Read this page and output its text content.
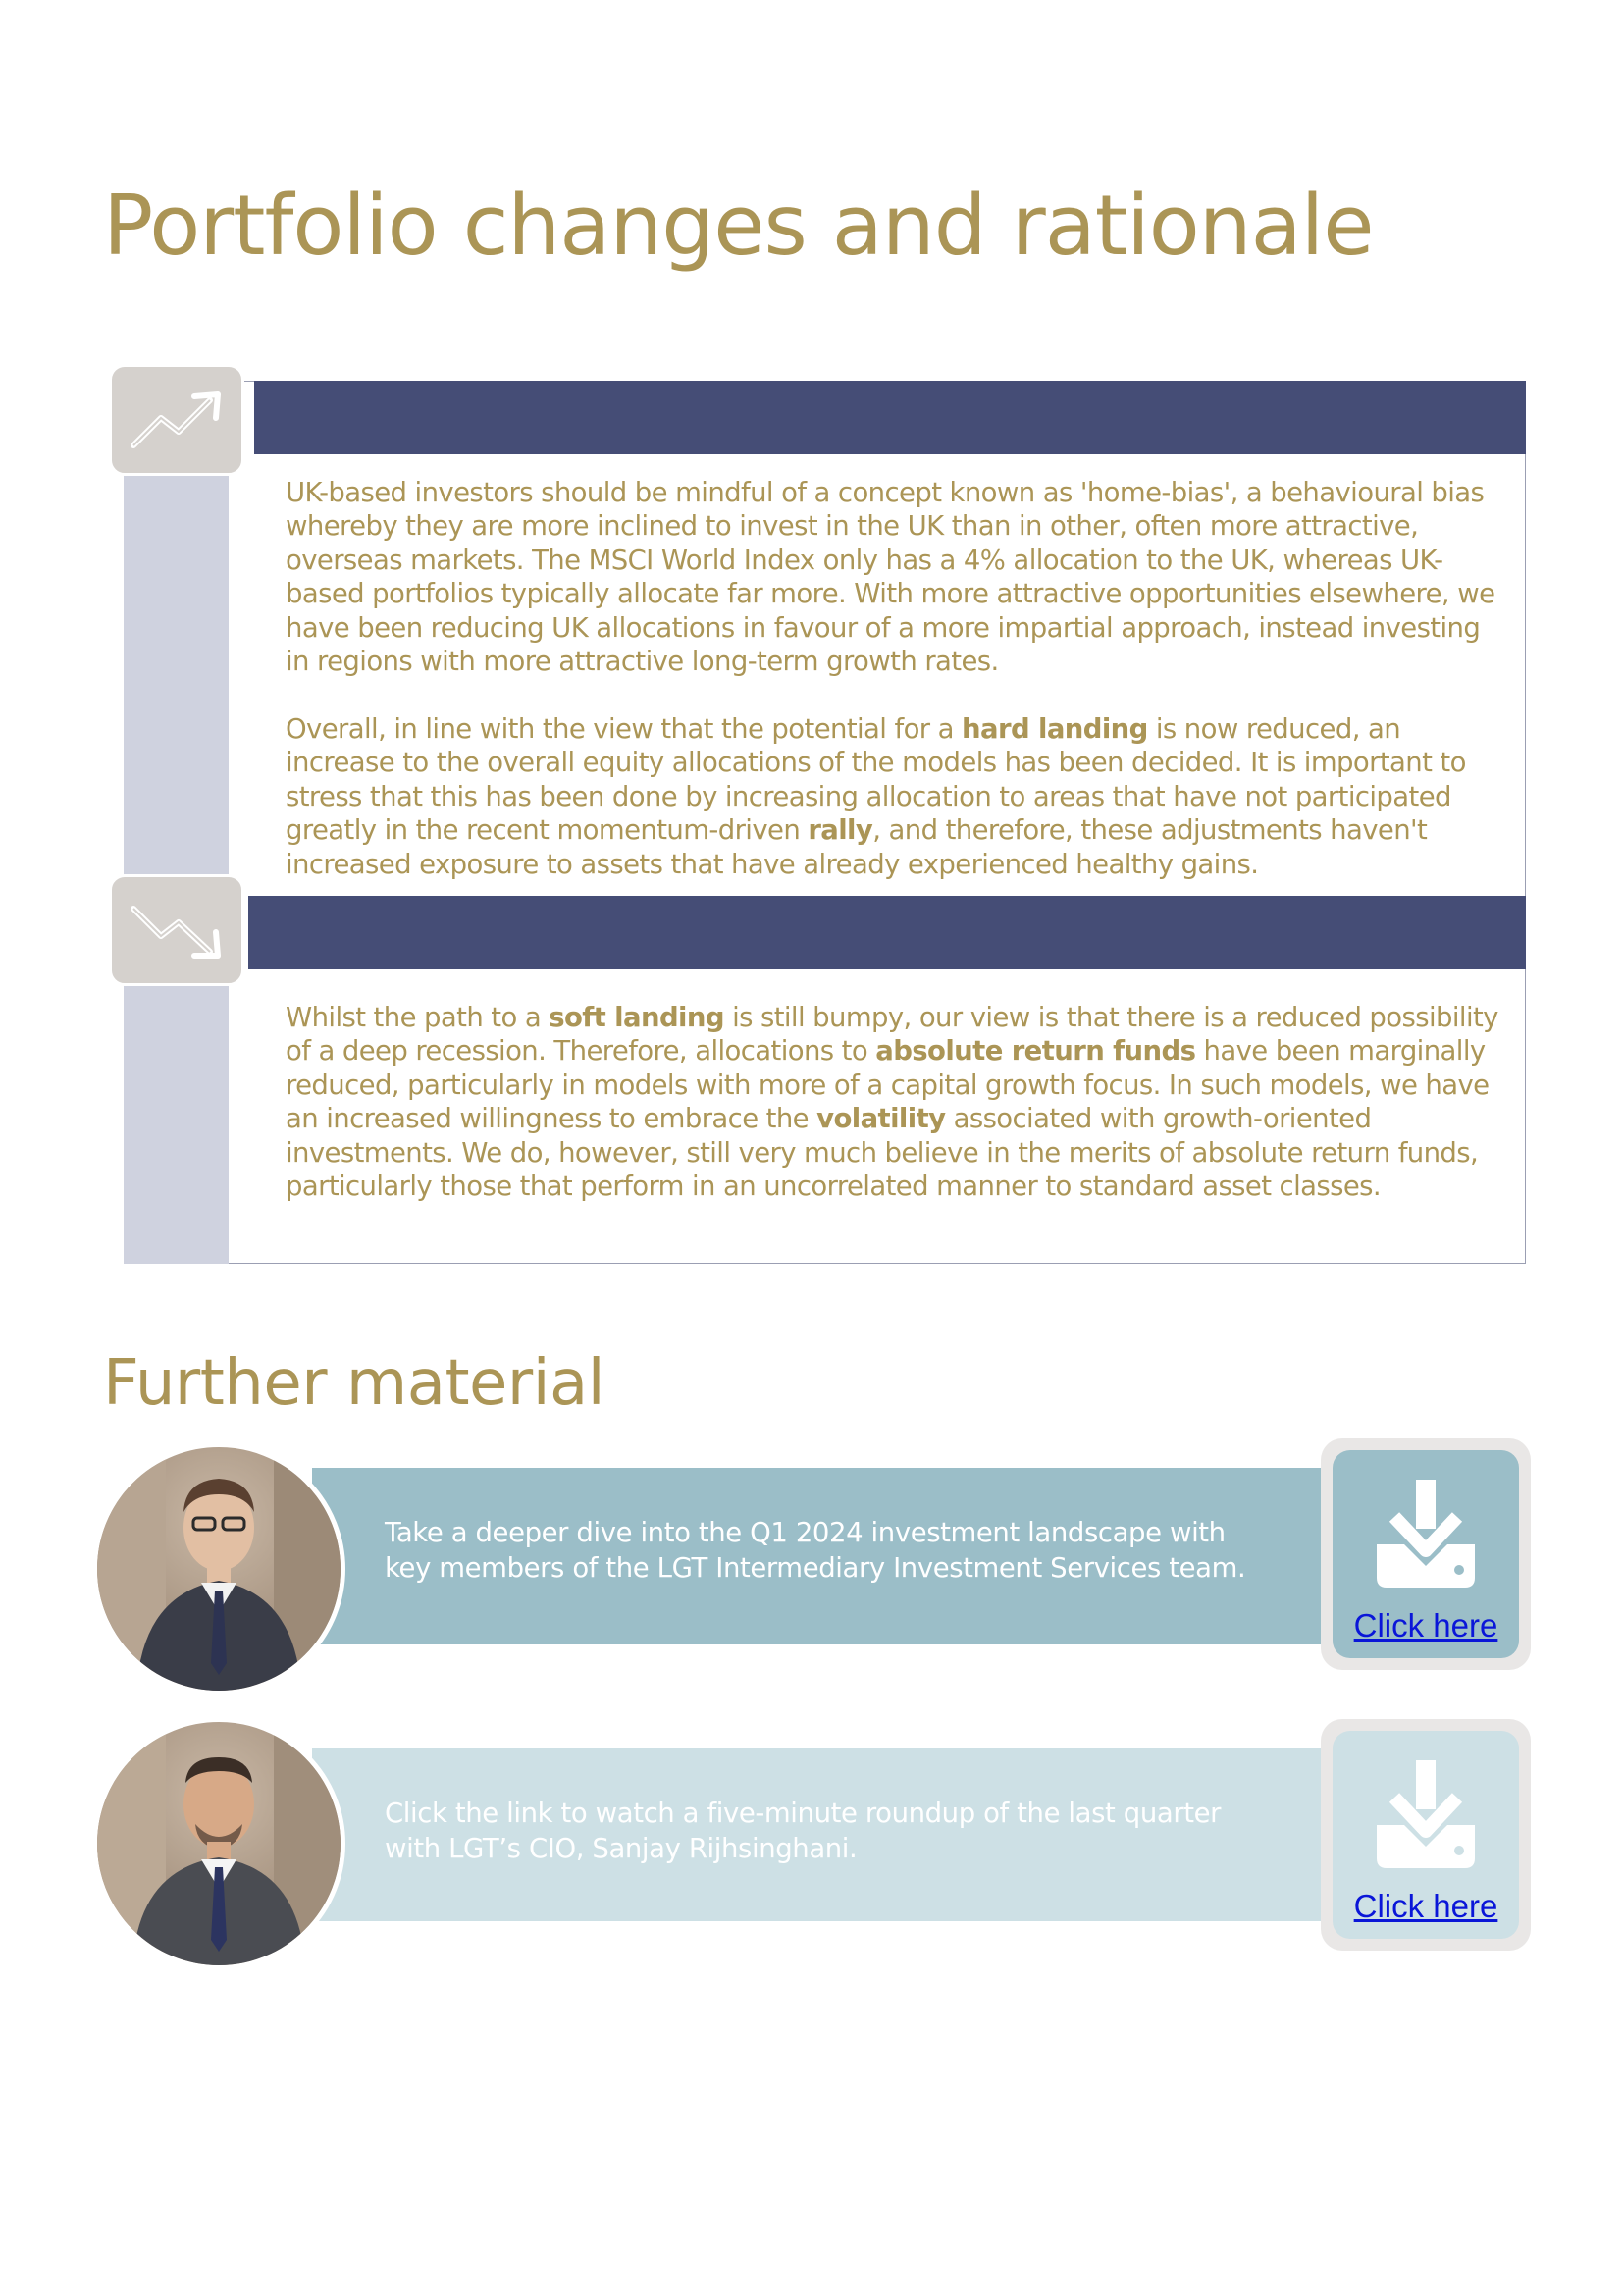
Portfolio changes and rationale

UK-based investors should be mindful of a concept known as 'home-bias', a behavioural bias whereby they are more inclined to invest in the UK than in other, often more attractive, overseas markets. The MSCI World Index only has a 4% allocation to the UK, whereas UK-based portfolios typically allocate far more. With more attractive opportunities elsewhere, we have been reducing UK allocations in favour of a more impartial approach, instead investing in regions with more attractive long-term growth rates.

Overall, in line with the view that the potential for a hard landing is now reduced, an increase to the overall equity allocations of the models has been decided. It is important to stress that this has been done by increasing allocation to areas that have not participated greatly in the recent momentum-driven rally, and therefore, these adjustments haven't increased exposure to assets that have already experienced healthy gains.

Whilst the path to a soft landing is still bumpy, our view is that there is a reduced possibility of a deep recession. Therefore, allocations to absolute return funds have been marginally reduced, particularly in models with more of a capital growth focus. In such models, we have an increased willingness to embrace the volatility associated with growth-oriented investments. We do, however, still very much believe in the merits of absolute return funds, particularly those that perform in an uncorrelated manner to standard asset classes.

Further material

Take a deeper dive into the Q1 2024 investment landscape with key members of the LGT Intermediary Investment Services team.

Click here

Click the link to watch a five-minute roundup of the last quarter with LGT’s CIO, Sanjay Rijhsinghani.

Click here
